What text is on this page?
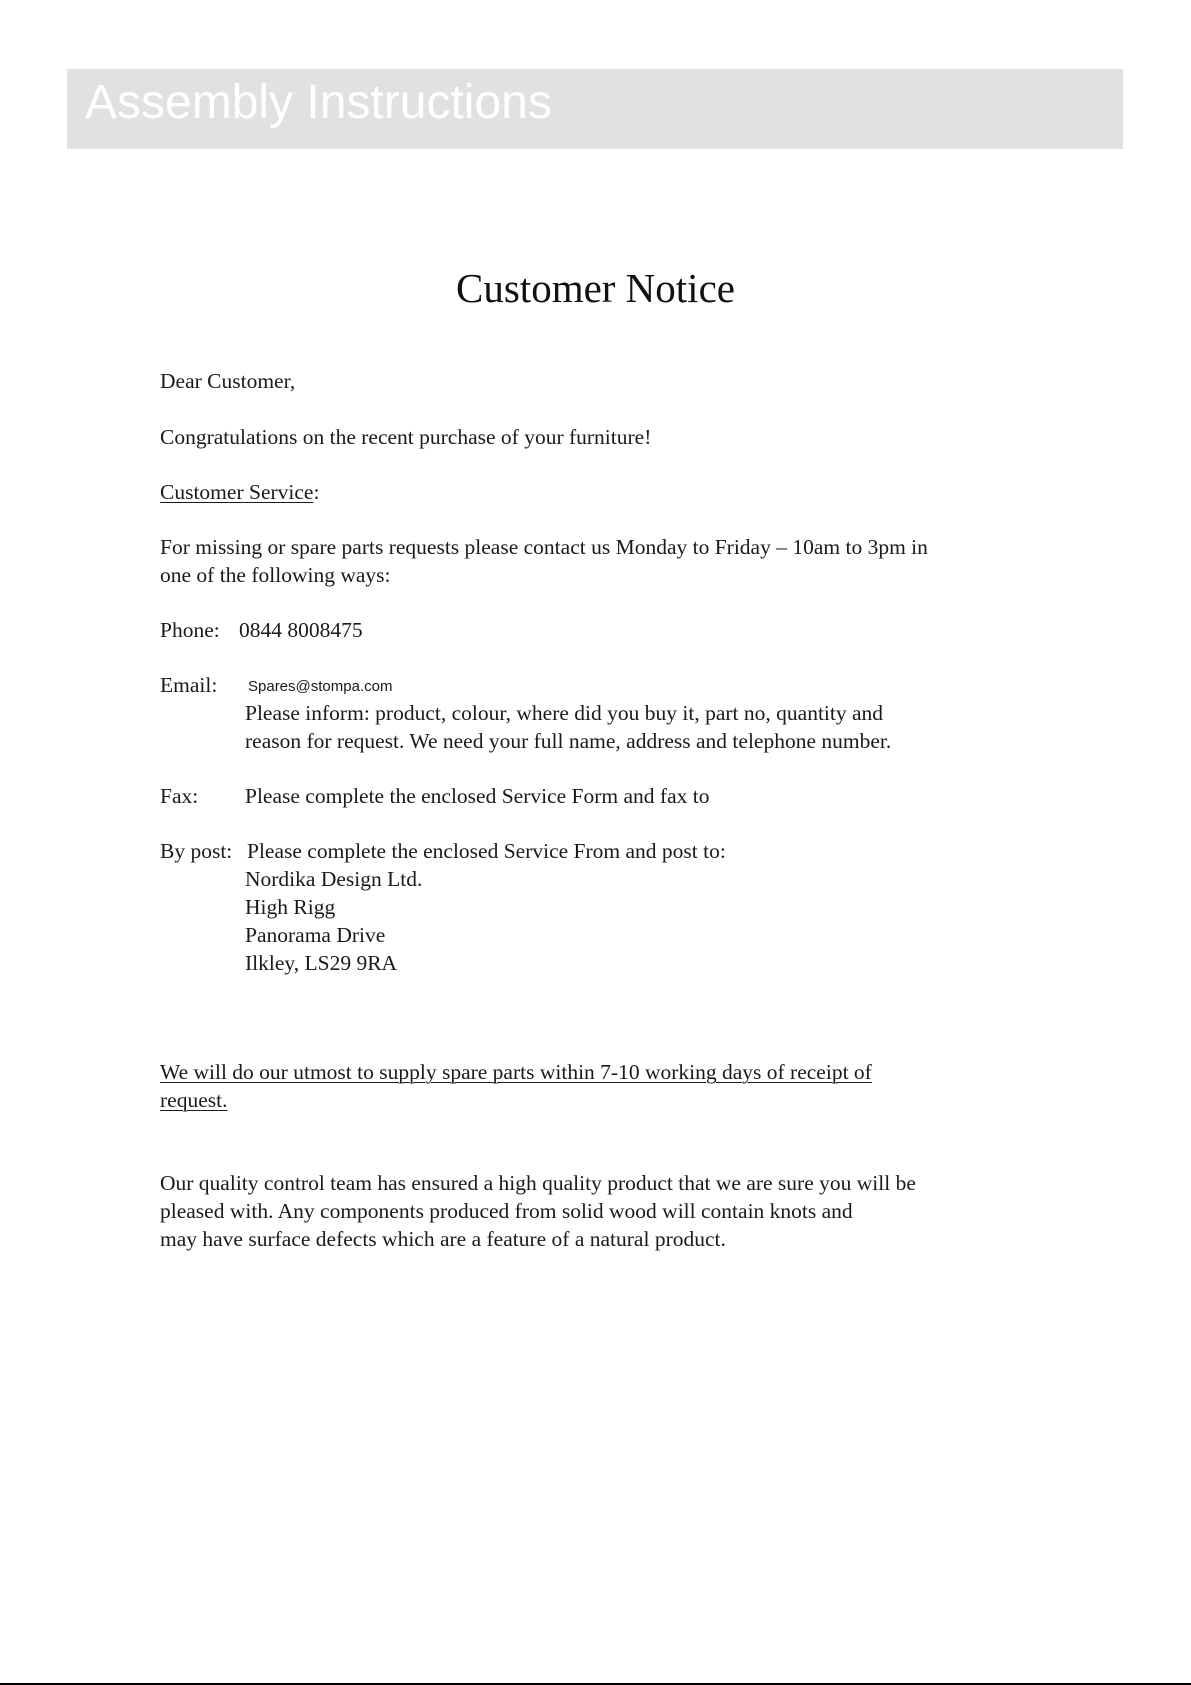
Assembly Instructions
Customer Notice
Dear Customer,
Congratulations on the recent purchase of your furniture!
Customer Service:
For missing or spare parts requests please contact us Monday to Friday – 10am to 3pm in
one of the following ways:
Phone: 0844 8008475
Email: Spares@stompa.com
Please inform: product, colour, where did you buy it, part no, quantity and
reason for request. We need your full name, address and telephone number.
Fax: Please complete the enclosed Service Form and fax to
By post: Please complete the enclosed Service From and post to:
Nordika Design Ltd.
High Rigg
Panorama Drive
Ilkley, LS29 9RA
We will do our utmost to supply spare parts within 7-10 working days of receipt of
request.
Our quality control team has ensured a high quality product that we are sure you will be
pleased with. Any components produced from solid wood will contain knots and
may have surface defects which are a feature of a natural product.
